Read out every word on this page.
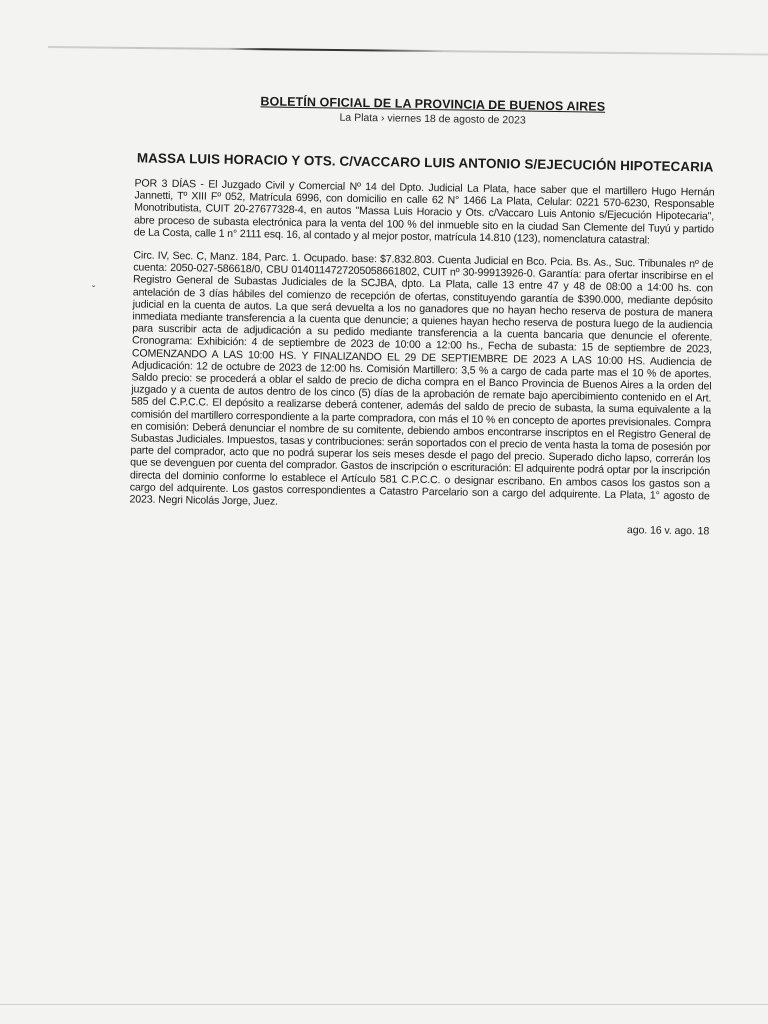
ˇ
BOLETÍN OFICIAL DE LA PROVINCIA DE BUENOS AIRES
La Plata › viernes 18 de agosto de 2023
MASSA LUIS HORACIO Y OTS. C/VACCARO LUIS ANTONIO S/EJECUCIÓN HIPOTECARIA

POR 3 DÍAS - El Juzgado Civil y Comercial Nº 14 del Dpto. Judicial La Plata, hace saber que el martillero Hugo Hernán Jannetti, Tº XIII Fº 052, Matrícula 6996, con domicilio en calle 62 N° 1466 La Plata, Celular: 0221 570-6230, Responsable Monotributista, CUIT 20-27677328-4, en autos "Massa Luis Horacio y Ots. c/Vaccaro Luis Antonio s/Ejecución Hipotecaria", abre proceso de subasta electrónica para la venta del 100 % del inmueble sito en la ciudad San Clemente del Tuyú y partido de La Costa, calle 1 n° 2111 esq. 16, al contado y al mejor postor, matrícula 14.810 (123), nomenclatura catastral:

Circ. IV, Sec. C, Manz. 184, Parc. 1. Ocupado. base: $7.832.803. Cuenta Judicial en Bco. Pcia. Bs. As., Suc. Tribunales nº de cuenta: 2050-027-586618/0, CBU 0140114727205058661802, CUIT nº 30-99913926-0. Garantía: para ofertar inscribirse en el Registro General de Subastas Judiciales de la SCJBA, dpto. La Plata, calle 13 entre 47 y 48 de 08:00 a 14:00 hs. con antelación de 3 días hábiles del comienzo de recepción de ofertas, constituyendo garantía de $390.000, mediante depósito judicial en la cuenta de autos. La que será devuelta a los no ganadores que no hayan hecho reserva de postura de manera inmediata mediante transferencia a la cuenta que denuncie; a quienes hayan hecho reserva de postura luego de la audiencia para suscribir acta de adjudicación a su pedido mediante transferencia a la cuenta bancaria que denuncie el oferente. Cronograma: Exhibición: 4 de septiembre de 2023 de 10:00 a 12:00 hs., Fecha de subasta: 15 de septiembre de 2023, COMENZANDO A LAS 10:00 HS. Y FINALIZANDO EL 29 DE SEPTIEMBRE DE 2023 A LAS 10:00 HS. Audiencia de Adjudicación: 12 de octubre de 2023 de 12:00 hs. Comisión Martillero: 3,5 % a cargo de cada parte mas el 10 % de aportes. Saldo precio: se procederá a oblar el saldo de precio de dicha compra en el Banco Provincia de Buenos Aires a la orden del juzgado y a cuenta de autos dentro de los cinco (5) días de la aprobación de remate bajo apercibimiento contenido en el Art. 585 del C.P.C.C. El depósito a realizarse deberá contener, además del saldo de precio de subasta, la suma equivalente a la comisión del martillero correspondiente a la parte compradora, con más el 10 % en concepto de aportes previsionales. Compra en comisión: Deberá denunciar el nombre de su comitente, debiendo ambos encontrarse inscriptos en el Registro General de Subastas Judiciales. Impuestos, tasas y contribuciones: serán soportados con el precio de venta hasta la toma de posesión por parte del comprador, acto que no podrá superar los seis meses desde el pago del precio. Superado dicho lapso, correrán los que se devenguen por cuenta del comprador. Gastos de inscripción o escrituración: El adquirente podrá optar por la inscripción directa del dominio conforme lo establece el Artículo 581 C.P.C.C. o designar escribano. En ambos casos los gastos son a cargo del adquirente. Los gastos correspondientes a Catastro Parcelario son a cargo del adquirente. La Plata, 1° agosto de 2023. Negri Nicolás Jorge, Juez.

ago. 16 v. ago. 18
